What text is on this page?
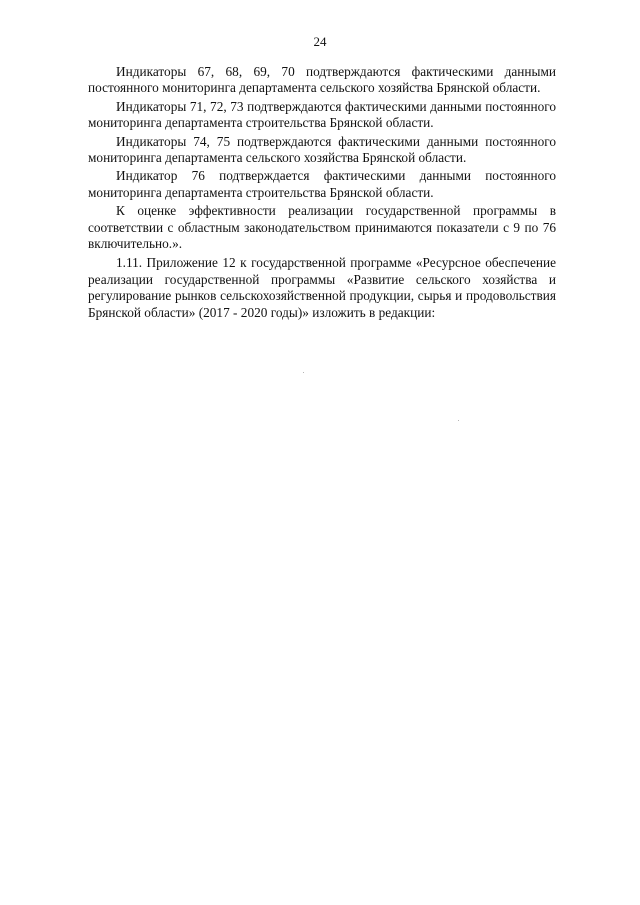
24

Индикаторы 67, 68, 69, 70 подтверждаются фактическими данными постоянного мониторинга департамента сельского хозяйства Брянской области.

Индикаторы 71, 72, 73 подтверждаются фактическими данными постоянного мониторинга департамента строительства Брянской области.

Индикаторы 74, 75 подтверждаются фактическими данными постоянного мониторинга департамента сельского хозяйства Брянской области.

Индикатор 76 подтверждается фактическими данными постоянного мониторинга департамента строительства Брянской области.

К оценке эффективности реализации государственной программы в соответствии с областным законодательством принимаются показатели с 9 по 76 включительно.».

1.11. Приложение 12 к государственной программе «Ресурсное обеспечение реализации государственной программы «Развитие сельского хозяйства и регулирование рынков сельскохозяйственной продукции, сырья и продовольствия Брянской области» (2017 - 2020 годы)» изложить в редакции:
